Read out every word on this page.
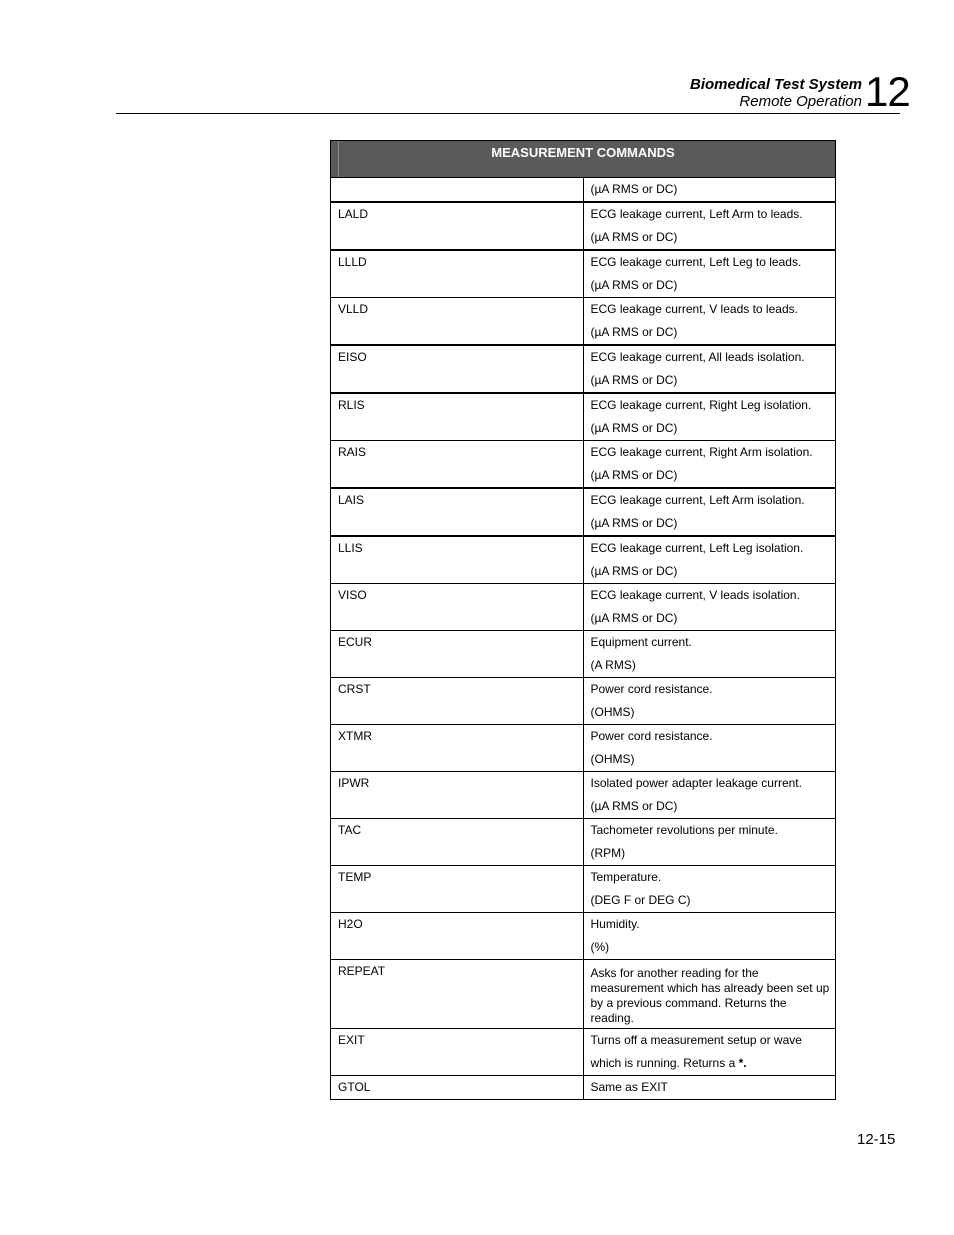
Biomedical Test System
Remote Operation 12
MEASUREMENT COMMANDS	

	(µA RMS or DC)

LALD	ECG leakage current, Left Arm to leads.
(µA RMS or DC)

LLLD	ECG leakage current, Left Leg to leads.
(µA RMS or DC)

VLLD	ECG leakage current, V leads to leads.
(µA RMS or DC)

EISO	ECG leakage current, All leads isolation.
(µA RMS or DC)

RLIS	ECG leakage current, Right Leg isolation.
(µA RMS or DC)

RAIS	ECG leakage current, Right Arm isolation.
(µA RMS or DC)

LAIS	ECG leakage current, Left Arm isolation.
(µA RMS or DC)

LLIS	ECG leakage current, Left Leg isolation.
(µA RMS or DC)

VISO	ECG leakage current, V leads isolation.
(µA RMS or DC)

ECUR	Equipment current.
(A RMS)

CRST	Power cord resistance.
(OHMS)

XTMR	Power cord resistance.
(OHMS)

IPWR	Isolated power adapter leakage current.
(µA RMS or DC)

TAC	Tachometer revolutions per minute.
(RPM)

TEMP	Temperature.
(DEG F or DEG C)

H2O	Humidity.
(%)

REPEAT	Asks for another reading for the measurement which has already been set up by a previous command. Returns the reading.

EXIT	Turns off a measurement setup or wave which is running. Returns a *.
GTOL	Same as EXIT
12-15
